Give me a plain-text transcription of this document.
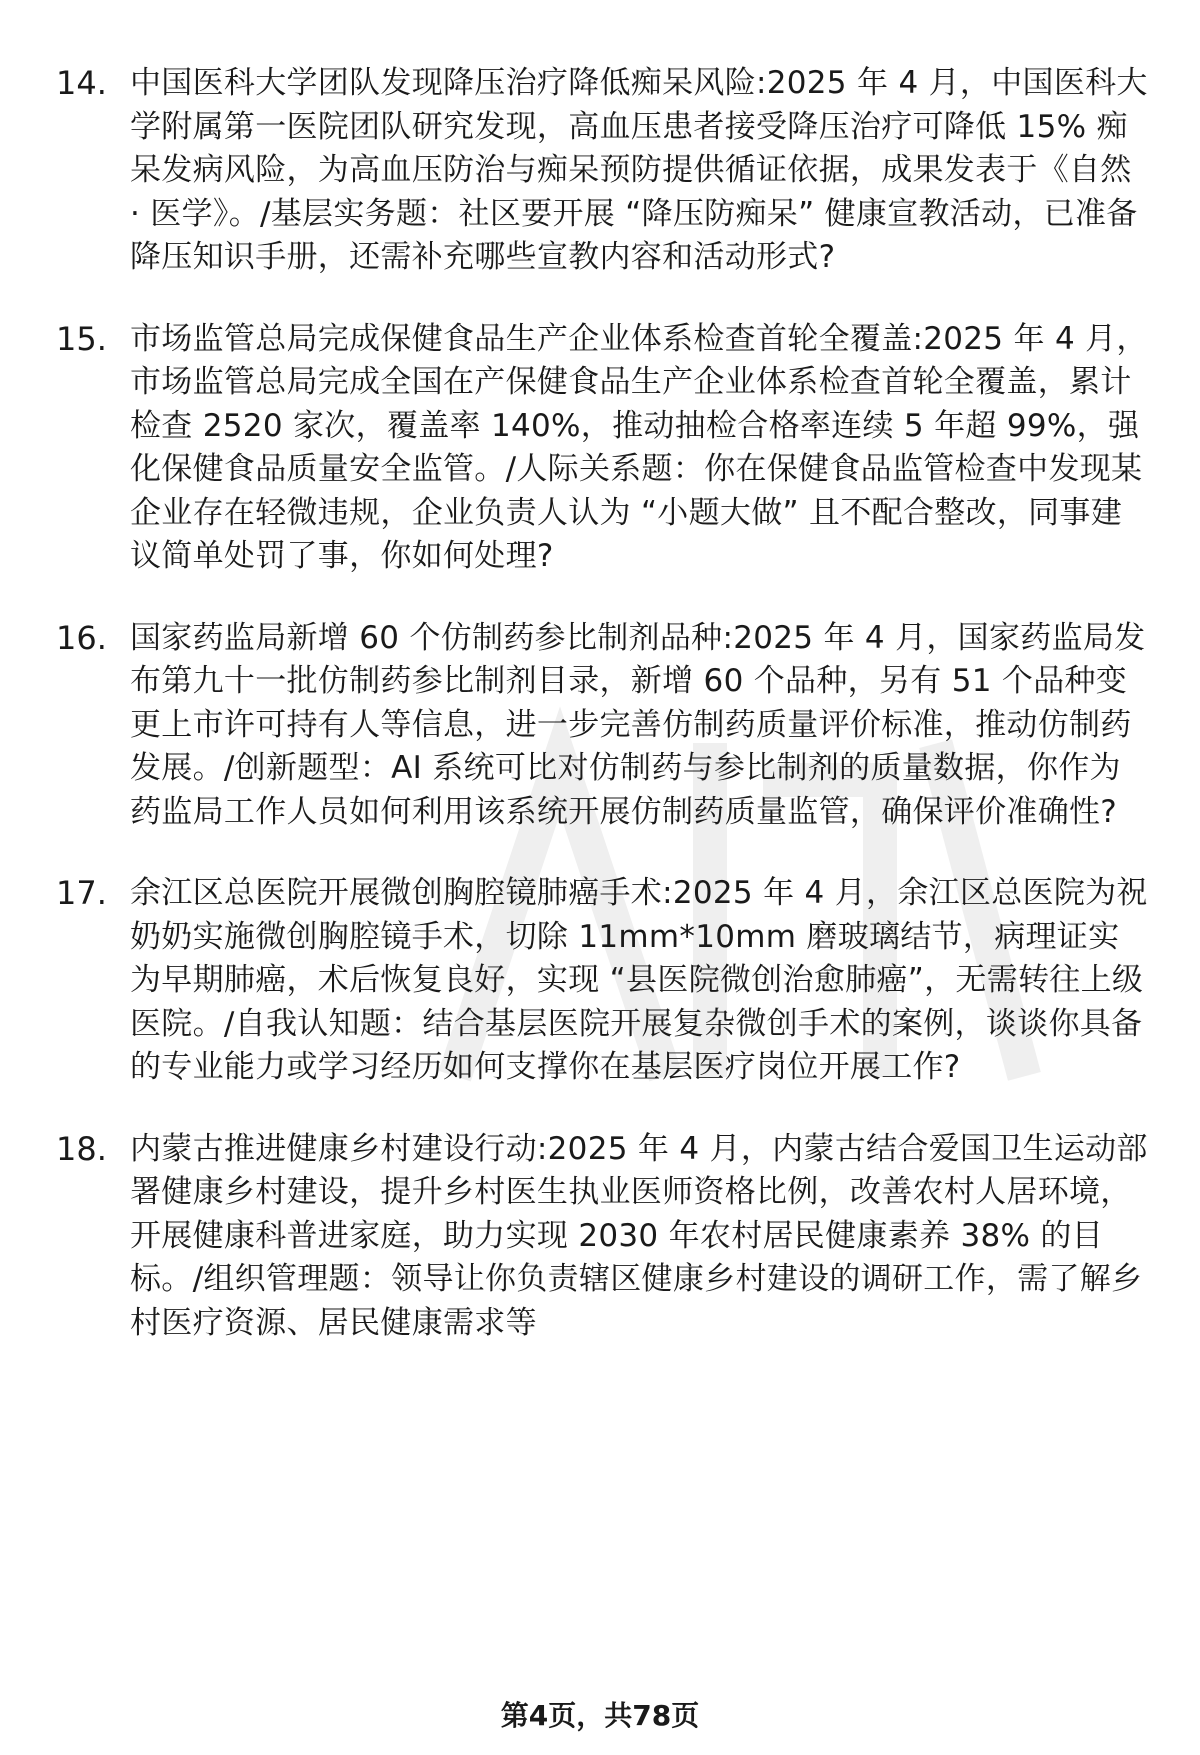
14. 中国医科大学团队发现降压治疗降低痴呆风险:2025 年 4 月，中国医科大学附属第一医院团队研究发现，高血压患者接受降压治疗可降低 15% 痴呆发病风险，为高血压防治与痴呆预防提供循证依据，成果发表于《自然 · 医学》。/基层实务题：社区要开展 “降压防痴呆” 健康宣教活动，已准备降压知识手册，还需补充哪些宣教内容和活动形式?
15. 市场监管总局完成保健食品生产企业体系检查首轮全覆盖:2025 年 4 月，市场监管总局完成全国在产保健食品生产企业体系检查首轮全覆盖，累计检查 2520 家次，覆盖率 140%，推动抽检合格率连续 5 年超 99%，强化保健食品质量安全监管。/人际关系题：你在保健食品监管检查中发现某企业存在轻微违规，企业负责人认为 “小题大做” 且不配合整改，同事建议简单处罚了事，你如何处理?
16. 国家药监局新增 60 个仿制药参比制剂品种:2025 年 4 月，国家药监局发布第九十一批仿制药参比制剂目录，新增 60 个品种，另有 51 个品种变更上市许可持有人等信息，进一步完善仿制药质量评价标准，推动仿制药发展。/创新题型：AI 系统可比对仿制药与参比制剂的质量数据，你作为药监局工作人员如何利用该系统开展仿制药质量监管，确保评价准确性?
17. 余江区总医院开展微创胸腔镜肺癌手术:2025 年 4 月，余江区总医院为祝奶奶实施微创胸腔镜手术，切除 11mm*10mm 磨玻璃结节，病理证实为早期肺癌，术后恢复良好，实现 “县医院微创治愈肺癌”，无需转往上级医院。/自我认知题：结合基层医院开展复杂微创手术的案例，谈谈你具备的专业能力或学习经历如何支撑你在基层医疗岗位开展工作?
18. 内蒙古推进健康乡村建设行动:2025 年 4 月，内蒙古结合爱国卫生运动部署健康乡村建设，提升乡村医生执业医师资格比例，改善农村人居环境，开展健康科普进家庭，助力实现 2030 年农村居民健康素养 38% 的目标。/组织管理题：领导让你负责辖区健康乡村建设的调研工作，需了解乡村医疗资源、居民健康需求等
第4页，共78页
